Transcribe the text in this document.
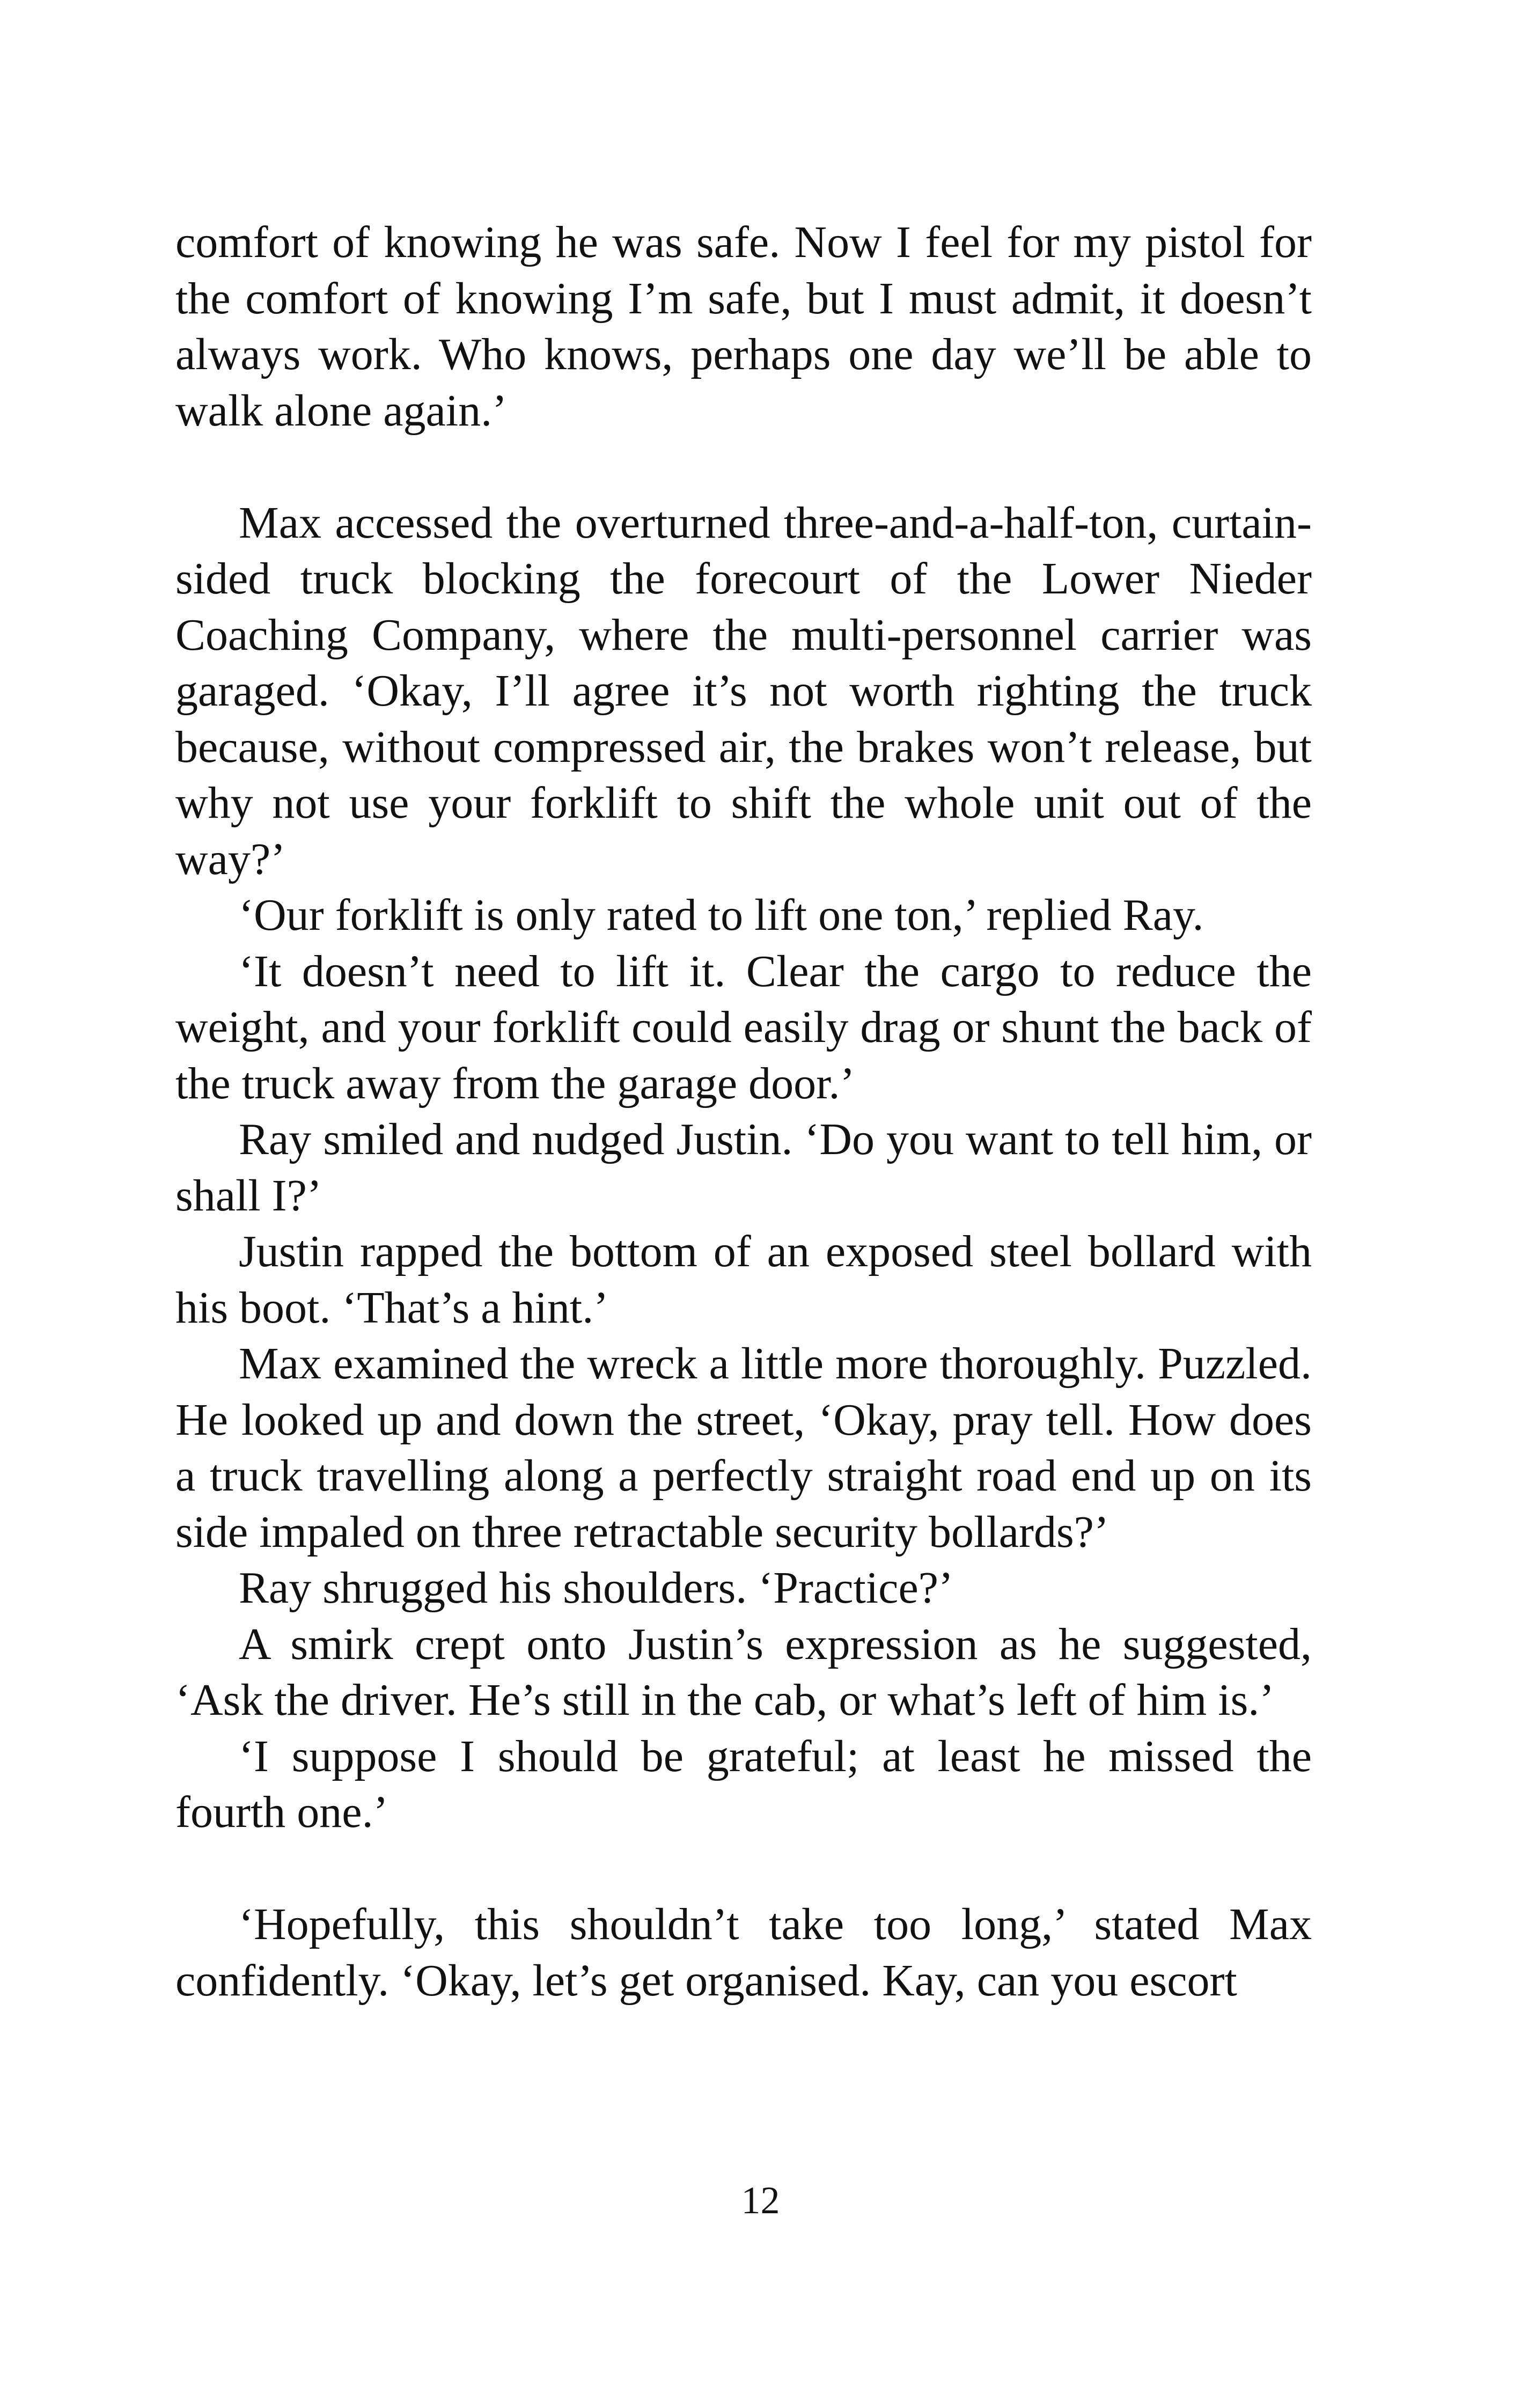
comfort of knowing he was safe. Now I feel for my pistol for the comfort of knowing I’m safe, but I must admit, it doesn’t always work. Who knows, perhaps one day we’ll be able to walk alone again.’

Max accessed the overturned three-and-a-half-ton, curtain-sided truck blocking the forecourt of the Lower Nieder Coaching Company, where the multi-personnel carrier was garaged. ‘Okay, I’ll agree it’s not worth righting the truck because, without compressed air, the brakes won’t release, but why not use your forklift to shift the whole unit out of the way?’

‘Our forklift is only rated to lift one ton,’ replied Ray.

‘It doesn’t need to lift it. Clear the cargo to reduce the weight, and your forklift could easily drag or shunt the back of the truck away from the garage door.’

Ray smiled and nudged Justin. ‘Do you want to tell him, or shall I?’

Justin rapped the bottom of an exposed steel bollard with his boot. ‘That’s a hint.’

Max examined the wreck a little more thoroughly. Puzzled. He looked up and down the street, ‘Okay, pray tell. How does a truck travelling along a perfectly straight road end up on its side impaled on three retractable security bollards?’

Ray shrugged his shoulders. ‘Practice?’

A smirk crept onto Justin’s expression as he suggested, ‘Ask the driver. He’s still in the cab, or what’s left of him is.’

‘I suppose I should be grateful; at least he missed the fourth one.’

‘Hopefully, this shouldn’t take too long,’ stated Max confidently. ‘Okay, let’s get organised. Kay, can you escort

12
